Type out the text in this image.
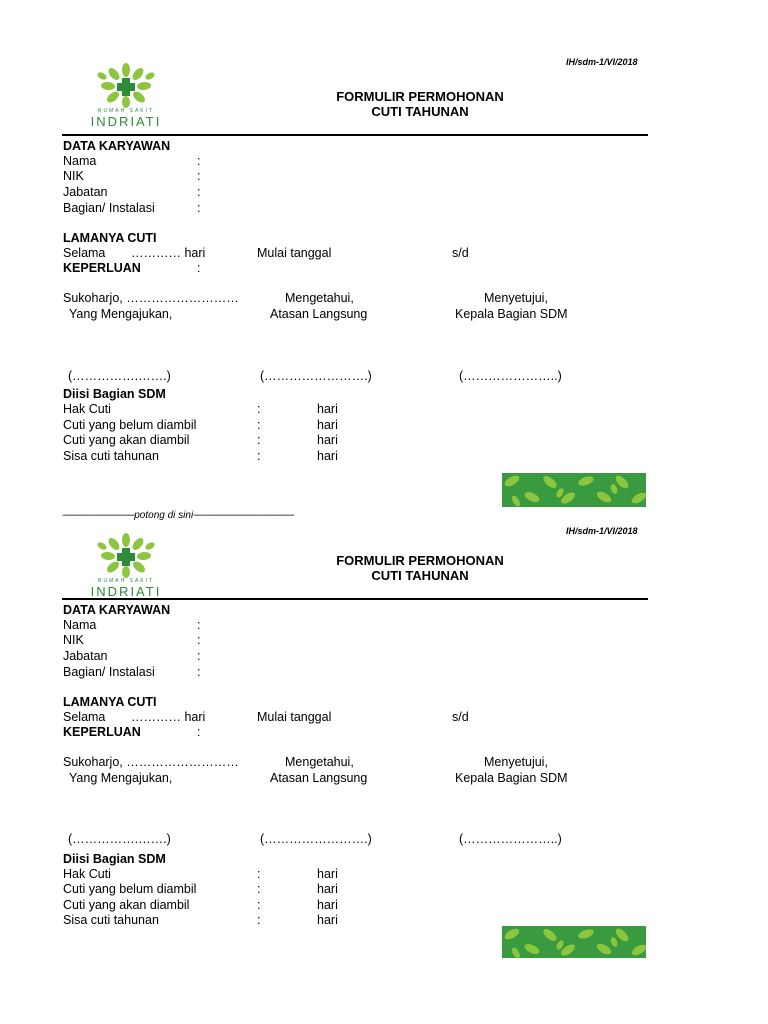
IH/sdm-1/VI/2018
RUMAH SAKIT
INDRIATI
FORMULIR PERMOHONAN
CUTI TAHUNAN
DATA KARYAWAN
Nama	:
NIK	:
Jabatan	:
Bagian/ Instalasi	:
LAMANYA CUTI
Selama ………… hari	Mulai tanggal	s/d
KEPERLUAN	:
Sukoharjo, ………………………	Mengetahui,	Menyetujui,
Yang Mengajukan,	Atasan Langsung	Kepala Bagian SDM
(…………….…….)	(…………………….)	(…………………..)
Diisi Bagian SDM
Hak Cuti	:	hari
Cuti yang belum diambil	:	hari
Cuti yang akan diambil	:	hari
Sisa cuti tahunan	:	hari
-------------------------------potong di sini-------------------------------------------
IH/sdm-1/VI/2018
RUMAH SAKIT
INDRIATI
FORMULIR PERMOHONAN
CUTI TAHUNAN
DATA KARYAWAN
Nama	:
NIK	:
Jabatan	:
Bagian/ Instalasi	:
LAMANYA CUTI
Selama ………… hari	Mulai tanggal	s/d
KEPERLUAN	:
Sukoharjo, ………………………	Mengetahui,	Menyetujui,
Yang Mengajukan,	Atasan Langsung	Kepala Bagian SDM
(…………….…….)	(…………………….)	(…………………..)
Diisi Bagian SDM
Hak Cuti	:	hari
Cuti yang belum diambil	:	hari
Cuti yang akan diambil	:	hari
Sisa cuti tahunan	:	hari
